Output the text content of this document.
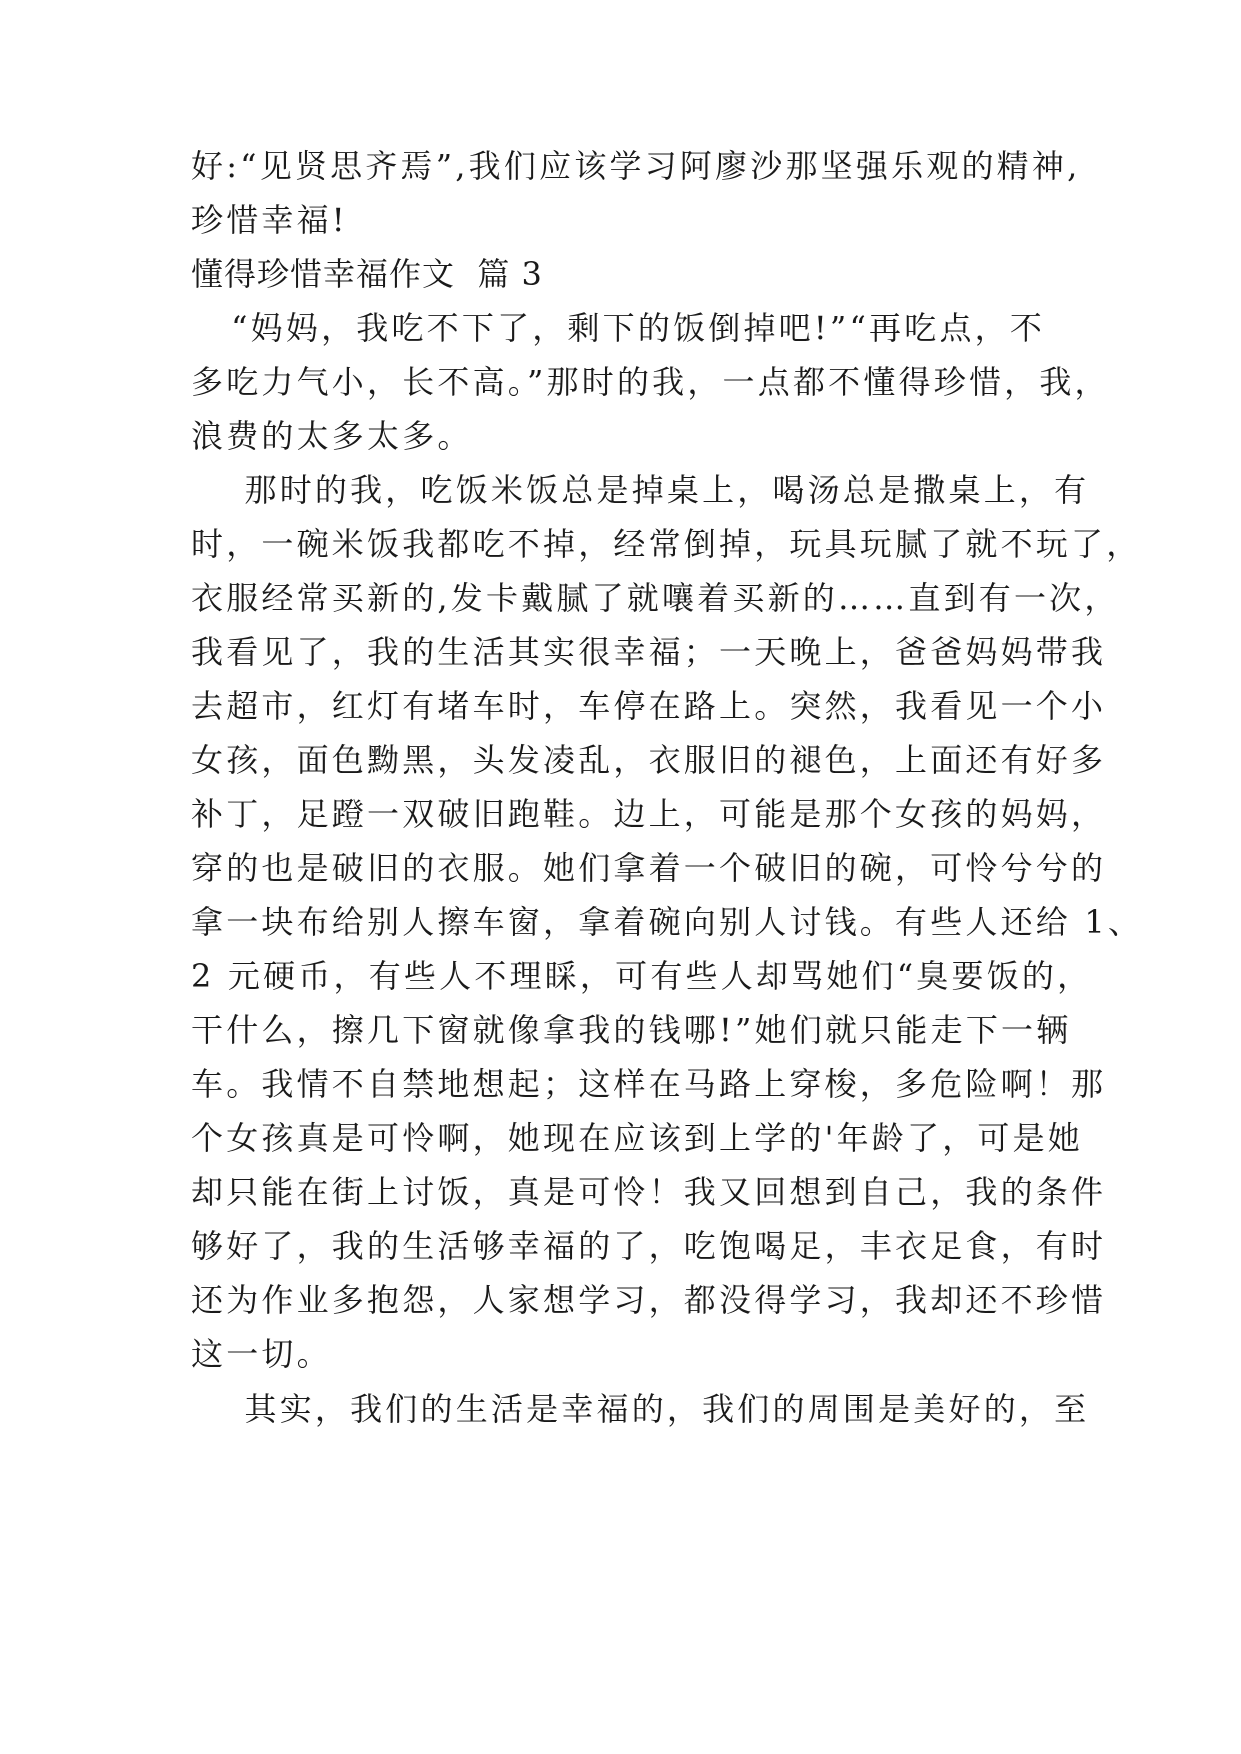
好:“见贤思齐焉”,我们应该学习阿廖沙那坚强乐观的精神,
珍惜幸福!
懂得珍惜幸福作文  篇 3
“妈妈，我吃不下了，剩下的饭倒掉吧!”“再吃点，不
多吃力气小，长不高。”那时的我，一点都不懂得珍惜，我，
浪费的太多太多。
那时的我，吃饭米饭总是掉桌上，喝汤总是撒桌上，有
时，一碗米饭我都吃不掉，经常倒掉，玩具玩腻了就不玩了，
衣服经常买新的,发卡戴腻了就嚷着买新的……直到有一次，
我看见了，我的生活其实很幸福；一天晚上，爸爸妈妈带我
去超市，红灯有堵车时，车停在路上。突然，我看见一个小
女孩，面色黝黑，头发凌乱，衣服旧的褪色，上面还有好多
补丁，足蹬一双破旧跑鞋。边上，可能是那个女孩的妈妈，
穿的也是破旧的衣服。她们拿着一个破旧的碗，可怜兮兮的
拿一块布给别人擦车窗，拿着碗向别人讨钱。有些人还给 1、
2 元硬币，有些人不理睬，可有些人却骂她们“臭要饭的，
干什么，擦几下窗就像拿我的钱哪!”她们就只能走下一辆
车。我情不自禁地想起；这样在马路上穿梭，多危险啊！那
个女孩真是可怜啊，她现在应该到上学的'年龄了，可是她
却只能在街上讨饭，真是可怜！我又回想到自己，我的条件
够好了，我的生活够幸福的了，吃饱喝足，丰衣足食，有时
还为作业多抱怨，人家想学习，都没得学习，我却还不珍惜
这一切。
其实，我们的生活是幸福的，我们的周围是美好的，至
